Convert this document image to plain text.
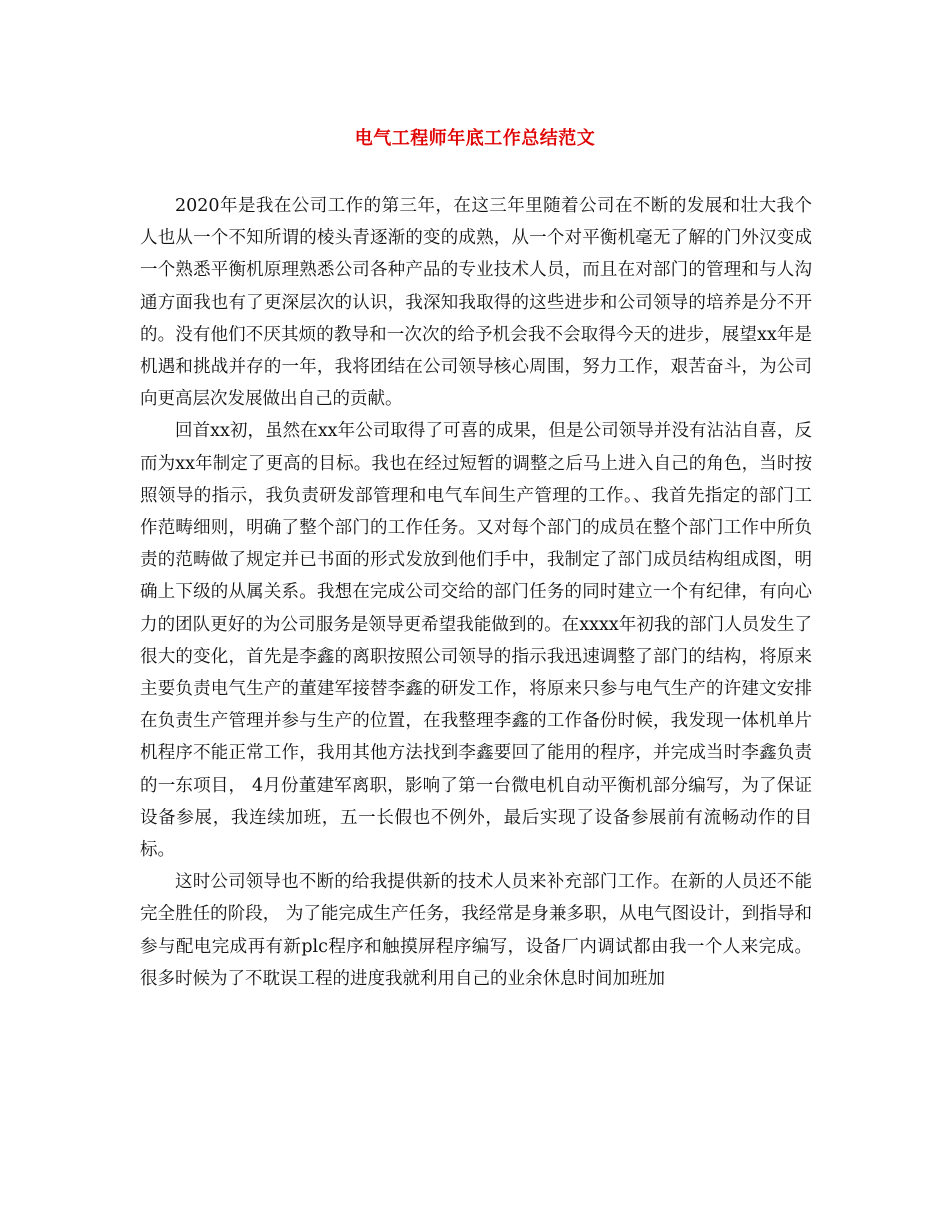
电气工程师年底工作总结范文

2020年是我在公司工作的第三年，在这三年里随着公司在不断的发展和壮大我个人也从一个不知所谓的棱头青逐渐的变的成熟，从一个对平衡机毫无了解的门外汉变成一个熟悉平衡机原理熟悉公司各种产品的专业技术人员，而且在对部门的管理和与人沟通方面我也有了更深层次的认识，我深知我取得的这些进步和公司领导的培养是分不开的。没有他们不厌其烦的教导和一次次的给予机会我不会取得今天的进步，展望xx年是机遇和挑战并存的一年，我将团结在公司领导核心周围，努力工作，艰苦奋斗，为公司向更高层次发展做出自己的贡献。

回首xx初，虽然在xx年公司取得了可喜的成果，但是公司领导并没有沾沾自喜，反而为xx年制定了更高的目标。我也在经过短暂的调整之后马上进入自己的角色，当时按照领导的指示，我负责研发部管理和电气车间生产管理的工作。、我首先指定的部门工作范畴细则，明确了整个部门的工作任务。又对每个部门的成员在整个部门工作中所负责的范畴做了规定并已书面的形式发放到他们手中，我制定了部门成员结构组成图，明确上下级的从属关系。我想在完成公司交给的部门任务的同时建立一个有纪律，有向心力的团队更好的为公司服务是领导更希望我能做到的。在xxxx年初我的部门人员发生了很大的变化，首先是李鑫的离职按照公司领导的指示我迅速调整了部门的结构，将原来主要负责电气生产的董建军接替李鑫的研发工作，将原来只参与电气生产的许建文安排在负责生产管理并参与生产的位置，在我整理李鑫的工作备份时候，我发现一体机单片机程序不能正常工作，我用其他方法找到李鑫要回了能用的程序，并完成当时李鑫负责的一东项目， 4月份董建军离职，影响了第一台微电机自动平衡机部分编写，为了保证设备参展，我连续加班，五一长假也不例外，最后实现了设备参展前有流畅动作的目标。

这时公司领导也不断的给我提供新的技术人员来补充部门工作。在新的人员还不能完全胜任的阶段， 为了能完成生产任务，我经常是身兼多职，从电气图设计，到指导和参与配电完成再有新plc程序和触摸屏程序编写，设备厂内调试都由我一个人来完成。很多时候为了不耽误工程的进度我就利用自己的业余休息时间加班加
